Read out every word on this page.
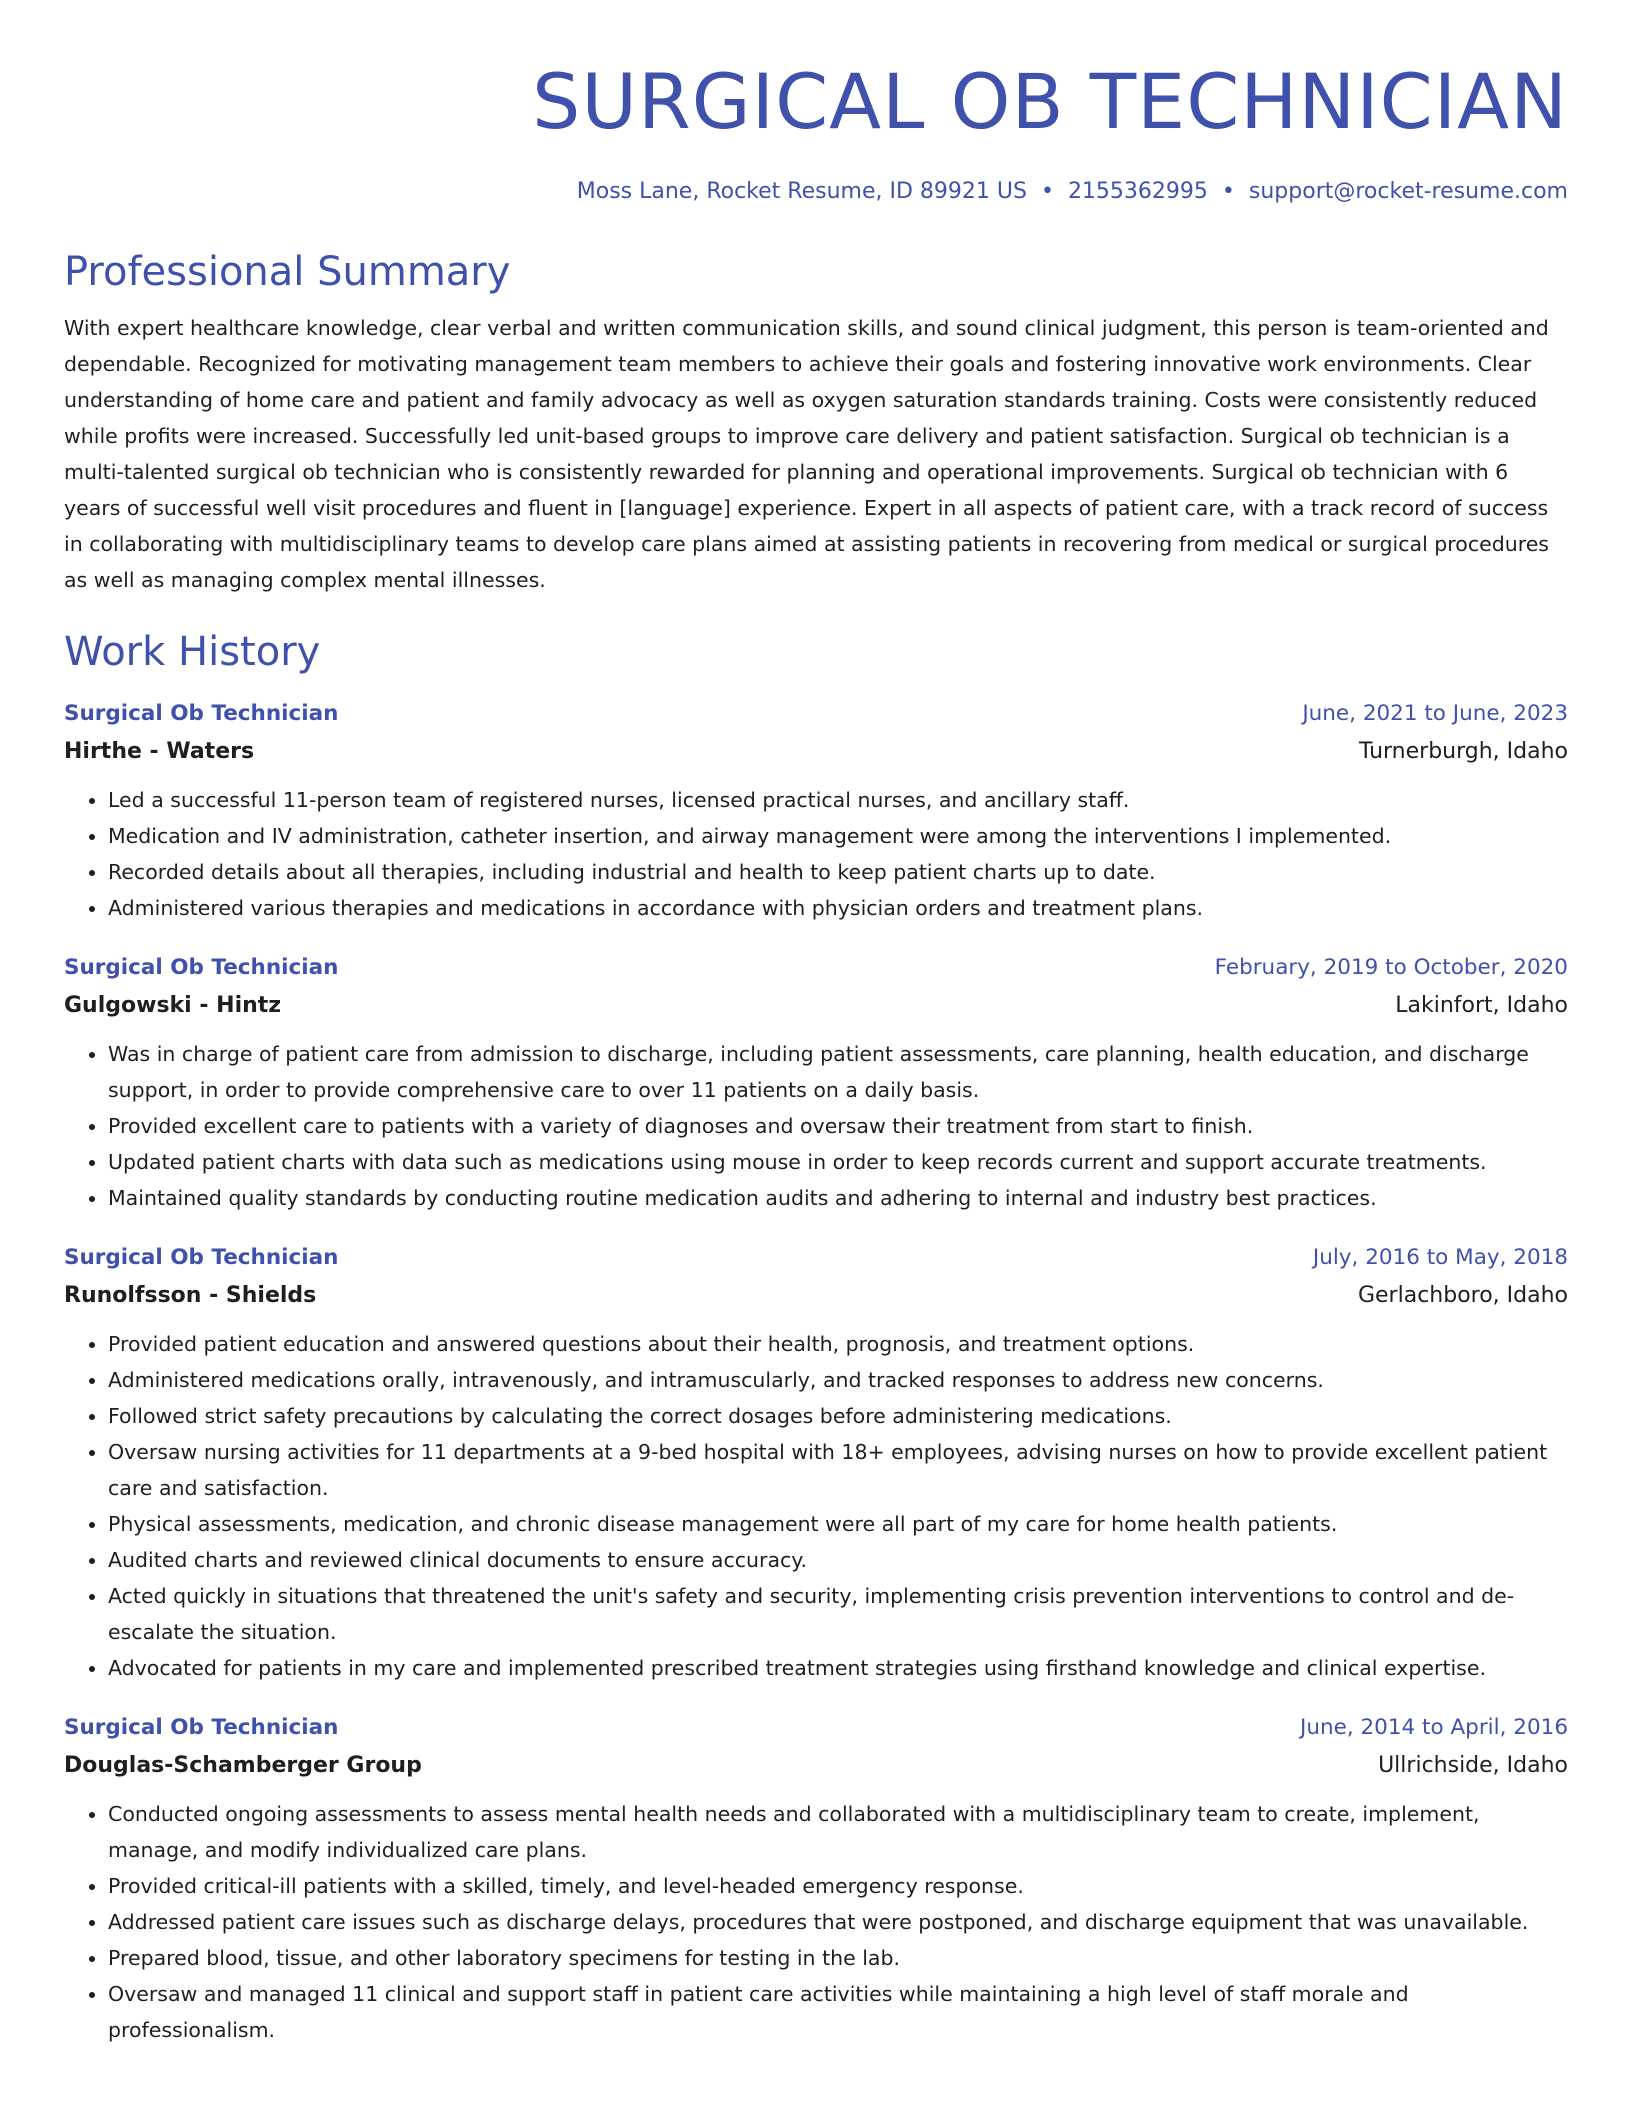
SURGICAL OB TECHNICIAN
Moss Lane, Rocket Resume, ID 89921 US • 2155362995 • support@rocket-resume.com
Professional Summary
With expert healthcare knowledge, clear verbal and written communication skills, and sound clinical judgment, this person is team-oriented and dependable. Recognized for motivating management team members to achieve their goals and fostering innovative work environments. Clear understanding of home care and patient and family advocacy as well as oxygen saturation standards training. Costs were consistently reduced while profits were increased. Successfully led unit-based groups to improve care delivery and patient satisfaction. Surgical ob technician is a multi-talented surgical ob technician who is consistently rewarded for planning and operational improvements. Surgical ob technician with 6 years of successful well visit procedures and fluent in [language] experience. Expert in all aspects of patient care, with a track record of success in collaborating with multidisciplinary teams to develop care plans aimed at assisting patients in recovering from medical or surgical procedures as well as managing complex mental illnesses.
Work History
Surgical Ob Technician	June, 2021 to June, 2023
Hirthe - Waters	Turnerburgh, Idaho
• Led a successful 11-person team of registered nurses, licensed practical nurses, and ancillary staff.
• Medication and IV administration, catheter insertion, and airway management were among the interventions I implemented.
• Recorded details about all therapies, including industrial and health to keep patient charts up to date.
• Administered various therapies and medications in accordance with physician orders and treatment plans.
Surgical Ob Technician	February, 2019 to October, 2020
Gulgowski - Hintz	Lakinfort, Idaho
• Was in charge of patient care from admission to discharge, including patient assessments, care planning, health education, and discharge support, in order to provide comprehensive care to over 11 patients on a daily basis.
• Provided excellent care to patients with a variety of diagnoses and oversaw their treatment from start to finish.
• Updated patient charts with data such as medications using mouse in order to keep records current and support accurate treatments.
• Maintained quality standards by conducting routine medication audits and adhering to internal and industry best practices.
Surgical Ob Technician	July, 2016 to May, 2018
Runolfsson - Shields	Gerlachboro, Idaho
• Provided patient education and answered questions about their health, prognosis, and treatment options.
• Administered medications orally, intravenously, and intramuscularly, and tracked responses to address new concerns.
• Followed strict safety precautions by calculating the correct dosages before administering medications.
• Oversaw nursing activities for 11 departments at a 9-bed hospital with 18+ employees, advising nurses on how to provide excellent patient care and satisfaction.
• Physical assessments, medication, and chronic disease management were all part of my care for home health patients.
• Audited charts and reviewed clinical documents to ensure accuracy.
• Acted quickly in situations that threatened the unit's safety and security, implementing crisis prevention interventions to control and de-escalate the situation.
• Advocated for patients in my care and implemented prescribed treatment strategies using firsthand knowledge and clinical expertise.
Surgical Ob Technician	June, 2014 to April, 2016
Douglas-Schamberger Group	Ullrichside, Idaho
• Conducted ongoing assessments to assess mental health needs and collaborated with a multidisciplinary team to create, implement, manage, and modify individualized care plans.
• Provided critical-ill patients with a skilled, timely, and level-headed emergency response.
• Addressed patient care issues such as discharge delays, procedures that were postponed, and discharge equipment that was unavailable.
• Prepared blood, tissue, and other laboratory specimens for testing in the lab.
• Oversaw and managed 11 clinical and support staff in patient care activities while maintaining a high level of staff morale and professionalism.
